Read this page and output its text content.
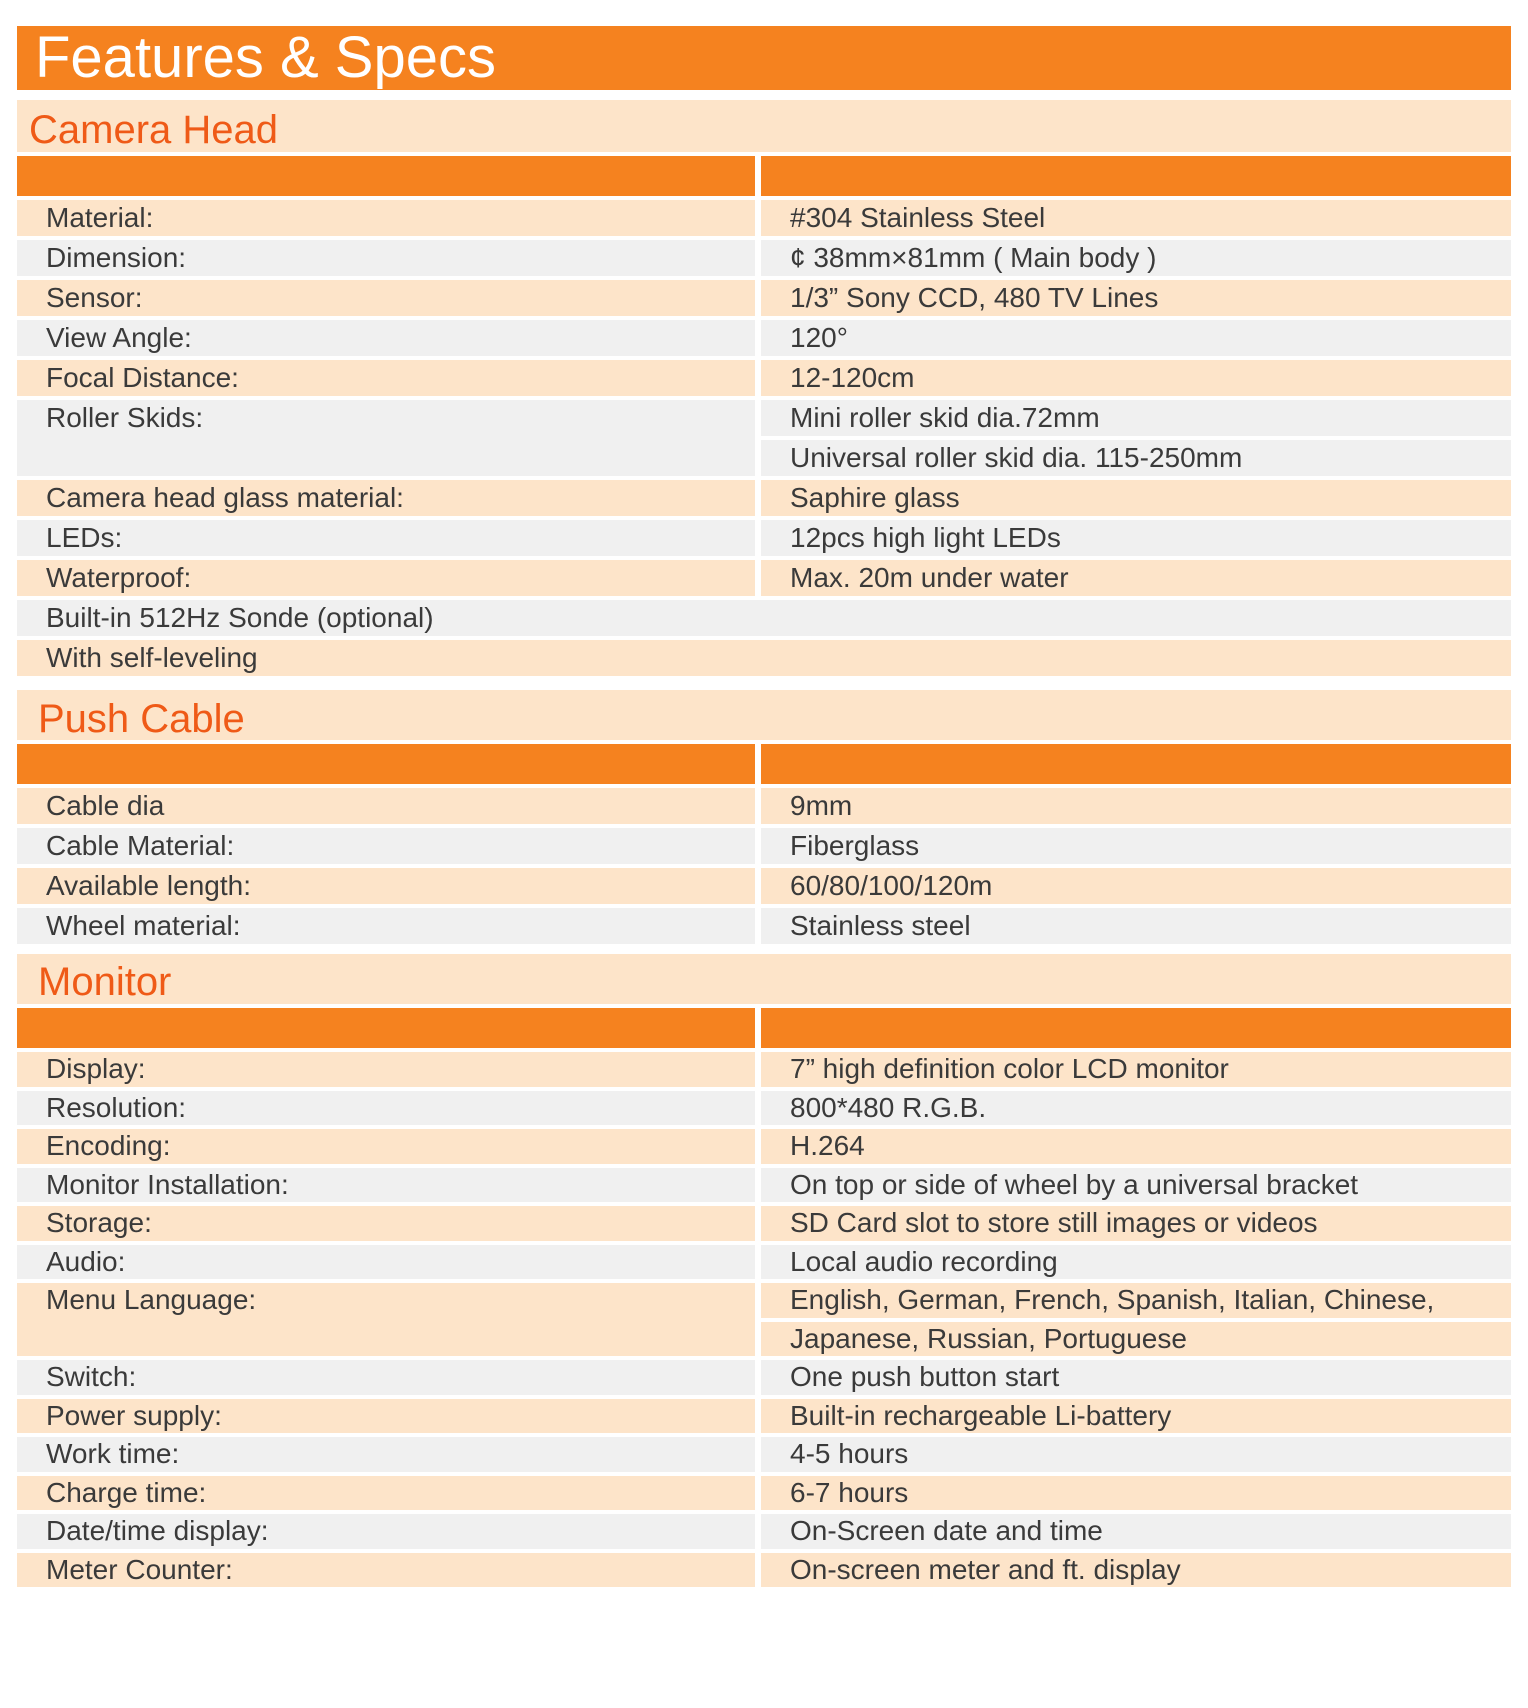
Features & Specs
Camera Head
Material:	#304 Stainless Steel
Dimension:	¢ 38mm×81mm ( Main body )
Sensor:	1/3” Sony CCD, 480 TV Lines
View Angle:	120°
Focal Distance:	12-120cm
Roller Skids:	Mini roller skid dia.72mm
Universal roller skid dia. 115-250mm
Camera head glass material:	Saphire glass
LEDs:	12pcs high light LEDs
Waterproof:	Max. 20m under water
Built-in 512Hz Sonde (optional)
With self-leveling
Push Cable
Cable dia	9mm
Cable Material:	Fiberglass
Available length:	60/80/100/120m
Wheel material:	Stainless steel
Monitor
Display:	7” high definition color LCD monitor
Resolution:	800*480 R.G.B.
Encoding:	H.264
Monitor Installation:	On top or side of wheel by a universal bracket
Storage:	SD Card slot to store still images or videos
Audio:	Local audio recording
Menu Language:	English, German, French, Spanish, Italian, Chinese,
Japanese, Russian, Portuguese
Switch:	One push button start
Power supply:	Built-in rechargeable Li-battery
Work time:	4-5 hours
Charge time:	6-7 hours
Date/time display:	On-Screen date and time
Meter Counter:	On-screen meter and ft. display
